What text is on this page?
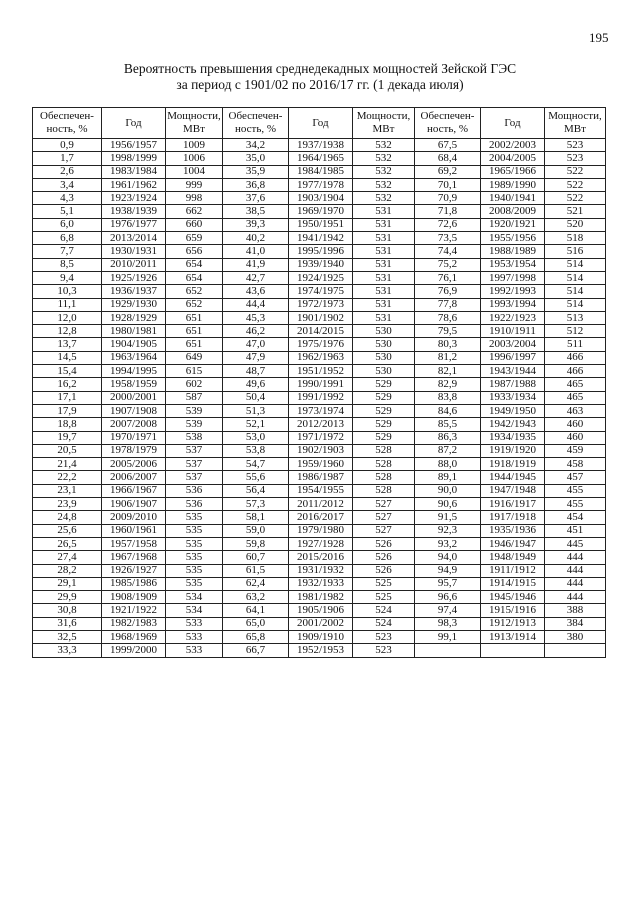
195
Вероятность превышения среднедекадных мощностей Зейской ГЭС
за период с 1901/02 по 2016/17 гг. (1 декада июля)
Обеспечен-ность, %	Год	Мощности, МВт	Обеспечен-ность, %	Год	Мощности, МВт	Обеспечен-ность, %	Год	Мощности, МВт
0,9	1956/1957	1009	34,2	1937/1938	532	67,5	2002/2003	523
1,7	1998/1999	1006	35,0	1964/1965	532	68,4	2004/2005	523
2,6	1983/1984	1004	35,9	1984/1985	532	69,2	1965/1966	522
3,4	1961/1962	999	36,8	1977/1978	532	70,1	1989/1990	522
4,3	1923/1924	998	37,6	1903/1904	532	70,9	1940/1941	522
5,1	1938/1939	662	38,5	1969/1970	531	71,8	2008/2009	521
6,0	1976/1977	660	39,3	1950/1951	531	72,6	1920/1921	520
6,8	2013/2014	659	40,2	1941/1942	531	73,5	1955/1956	518
7,7	1930/1931	656	41,0	1995/1996	531	74,4	1988/1989	516
8,5	2010/2011	654	41,9	1939/1940	531	75,2	1953/1954	514
9,4	1925/1926	654	42,7	1924/1925	531	76,1	1997/1998	514
10,3	1936/1937	652	43,6	1974/1975	531	76,9	1992/1993	514
11,1	1929/1930	652	44,4	1972/1973	531	77,8	1993/1994	514
12,0	1928/1929	651	45,3	1901/1902	531	78,6	1922/1923	513
12,8	1980/1981	651	46,2	2014/2015	530	79,5	1910/1911	512
13,7	1904/1905	651	47,0	1975/1976	530	80,3	2003/2004	511
14,5	1963/1964	649	47,9	1962/1963	530	81,2	1996/1997	466
15,4	1994/1995	615	48,7	1951/1952	530	82,1	1943/1944	466
16,2	1958/1959	602	49,6	1990/1991	529	82,9	1987/1988	465
17,1	2000/2001	587	50,4	1991/1992	529	83,8	1933/1934	465
17,9	1907/1908	539	51,3	1973/1974	529	84,6	1949/1950	463
18,8	2007/2008	539	52,1	2012/2013	529	85,5	1942/1943	460
19,7	1970/1971	538	53,0	1971/1972	529	86,3	1934/1935	460
20,5	1978/1979	537	53,8	1902/1903	528	87,2	1919/1920	459
21,4	2005/2006	537	54,7	1959/1960	528	88,0	1918/1919	458
22,2	2006/2007	537	55,6	1986/1987	528	89,1	1944/1945	457
23,1	1966/1967	536	56,4	1954/1955	528	90,0	1947/1948	455
23,9	1906/1907	536	57,3	2011/2012	527	90,6	1916/1917	455
24,8	2009/2010	535	58,1	2016/2017	527	91,5	1917/1918	454
25,6	1960/1961	535	59,0	1979/1980	527	92,3	1935/1936	451
26,5	1957/1958	535	59,8	1927/1928	526	93,2	1946/1947	445
27,4	1967/1968	535	60,7	2015/2016	526	94,0	1948/1949	444
28,2	1926/1927	535	61,5	1931/1932	526	94,9	1911/1912	444
29,1	1985/1986	535	62,4	1932/1933	525	95,7	1914/1915	444
29,9	1908/1909	534	63,2	1981/1982	525	96,6	1945/1946	444
30,8	1921/1922	534	64,1	1905/1906	524	97,4	1915/1916	388
31,6	1982/1983	533	65,0	2001/2002	524	98,3	1912/1913	384
32,5	1968/1969	533	65,8	1909/1910	523	99,1	1913/1914	380
33,3	1999/2000	533	66,7	1952/1953	523			
